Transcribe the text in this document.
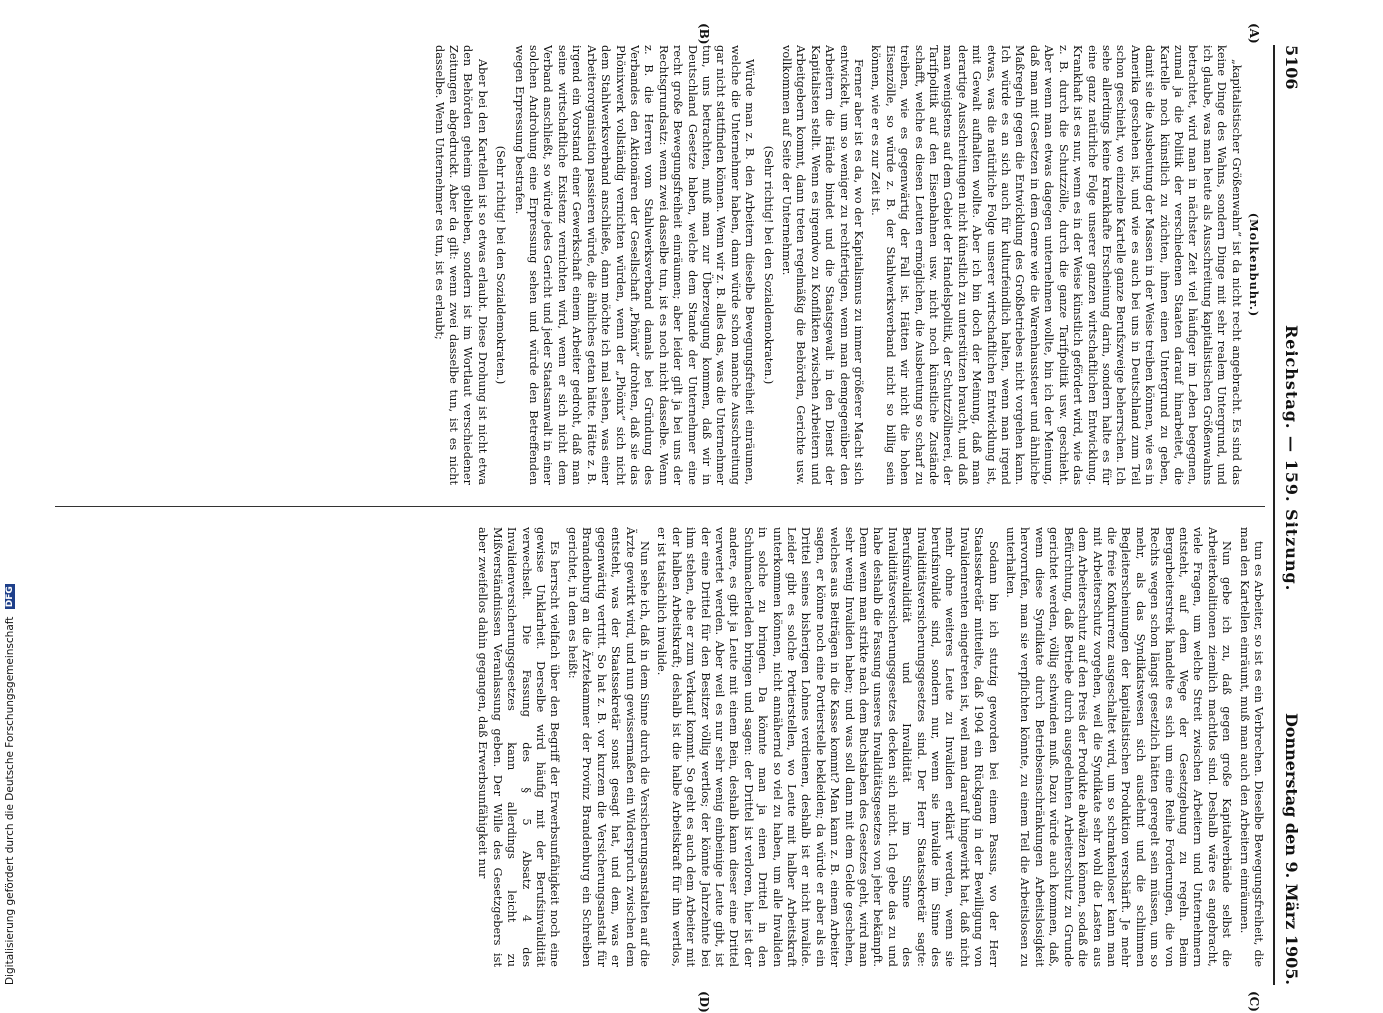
5106
Reichstag. — 159. Sitzung.
Donnerstag den 9. März 1905.
(A)
(B)
(C)
(D)

(Molkenbuhr.)

„kapitalistischer Größenwahn“ ist da nicht recht angebracht. Es sind das keine Dinge des Wahns, sondern Dinge mit sehr realem Untergrund, und ich glaube, was man heute als Ausschreitung kapitalistischen Größenwahns betrachtet, wird man in nächster Zeit viel häufiger im Leben begegnen, zumal ja die Politik der verschiedenen Staaten darauf hinarbeitet, die Kartelle noch künstlich zu züchten, ihnen einen Untergrund zu geben, damit sie die Ausbeutung der Massen in der Weise treiben können, wie es in Amerika geschehen ist, und wie es auch bei uns in Deutschland zum Teil schon geschieht, wo einzelne Kartelle ganze Berufszweige beherrschen. Ich sehe allerdings keine krankhafte Erscheinung darin, sondern halte es für eine ganz natürliche Folge unserer ganzen wirtschaftlichen Entwicklung. Krankhaft ist es nur, wenn es in der Weise künstlich gefördert wird, wie das z. B. durch die Schutzzölle, durch die ganze Tarifpolitik usw. geschieht. Aber wenn man etwas dagegen unternehmen wollte, bin ich der Meinung, daß man mit Gesetzen in dem Genre wie die Warenhaussteuer und ähnliche Maßregeln gegen die Entwicklung des Großbetriebes nicht vorgehen kann. Ich würde es an sich auch für kulturfeindlich halten, wenn man irgend etwas, was die natürliche Folge unserer wirtschaftlichen Entwicklung ist, mit Gewalt aufhalten wollte. Aber ich bin doch der Meinung, daß man derartige Ausschreitungen nicht künstlich zu unterstützen braucht, und daß man wenigstens auf dem Gebiet der Handelspolitik, der Schutzzöllnerei, der Tarifpolitik auf den Eisenbahnen usw. nicht noch künstliche Zustände schafft, welche es diesen Leuten ermöglichen, die Ausbeutung so scharf zu treiben, wie es gegenwärtig der Fall ist. Hätten wir nicht die hohen Eisenzölle, so würde z. B. der Stahlwerksverband nicht so billig sein können, wie er es zur Zeit ist.

Ferner aber ist es da, wo der Kapitalismus zu immer größerer Macht sich entwickelt, um so weniger zu rechtfertigen, wenn man demgegenüber den Arbeitern die Hände bindet und die Staatsgewalt in den Dienst der Kapitalisten stellt. Wenn es irgendwo zu Konflikten zwischen Arbeitern und Arbeitgebern kommt, dann treten regelmäßig die Behörden, Gerichte usw. vollkommen auf Seite der Unternehmer.

(Sehr richtig! bei den Sozialdemokraten.)

Würde man z. B. den Arbeitern dieselbe Bewegungsfreiheit einräumen, welche die Unternehmer haben, dann würde schon manche Ausschreitung gar nicht stattfinden können. Wenn wir z. B. alles das, was die Unternehmer tun, uns betrachten, muß man zur Überzeugung kommen, daß wir in Deutschland Gesetze haben, welche dem Stande der Unternehmer eine recht große Bewegungsfreiheit einräumen; aber leider gilt ja bei uns der Rechtsgrundsatz: wenn zwei dasselbe tun, ist es noch nicht dasselbe. Wenn z. B. die Herren vom Stahlwerksverband damals bei Gründung des Verbandes den Aktionären der Gesellschaft „Phönix“ drohten, daß sie das Phönixwerk vollständig vernichten würden, wenn der „Phönix“ sich nicht dem Stahlwerksverband anschließe, dann möchte ich mal sehen, was einer Arbeiterorganisation passieren würde, die ähnliches getan hätte. Hätte z. B. irgend ein Vorstand einer Gewerkschaft einem Arbeiter gedroht, daß man seine wirtschaftliche Existenz vernichten wird, wenn er sich nicht dem Verband anschließt, so würde jedes Gericht und jeder Staatsanwalt in einer solchen Androhung eine Erpressung sehen und würde den Betreffenden wegen Erpressung bestrafen.

(Sehr richtig! bei den Sozialdemokraten.)

Aber bei den Kartellen ist so etwas erlaubt. Diese Drohung ist nicht etwa den Behörden geheim geblieben, sondern ist im Wortlaut verschiedener Zeitungen abgedruckt. Aber da gilt: wenn zwei dasselbe tun, ist es nicht dasselbe. Wenn Unternehmer es tun, ist es erlaubt;

tun es Arbeiter, so ist es ein Verbrechen. Dieselbe Bewegungsfreiheit, die man den Kartellen einräumt, muß man auch den Arbeitern einräumen.

Nun gebe ich zu, daß gegen große Kapitalverbände selbst die Arbeiterkoalitionen ziemlich machtlos sind. Deshalb wäre es angebracht, viele Fragen, um welche Streit zwischen Arbeitern und Unternehmern entsteht, auf dem Wege der Gesetzgebung zu regeln. Beim Bergarbeiterstreik handelte es sich um eine Reihe Forderungen, die von Rechts wegen schon längst gesetzlich hätten geregelt sein müssen, um so mehr, als das Syndikatswesen sich ausdehnt und die schlimmen Begleiterscheinungen der kapitalistischen Produktion verschärft. Je mehr die freie Konkurrenz ausgeschaltet wird, um so schrankenloser kann man mit Arbeiterschutz vorgehen, weil die Syndikate sehr wohl die Lasten aus dem Arbeiterschutz auf den Preis der Produkte abwälzen können, sodaß die Befürchtung, daß Betriebe durch ausgedehnten Arbeiterschutz zu Grunde gerichtet werden, völlig schwinden muß. Dazu würde auch kommen, daß, wenn diese Syndikate durch Betriebseinschränkungen Arbeitslosigkeit hervorrufen, man sie verpflichten könnte, zu einem Teil die Arbeitslosen zu unterhalten.

Sodann bin ich stutzig geworden bei einem Passus, wo der Herr Staatssekretär mitteilte, daß 1904 ein Rückgang in der Bewilligung von Invalidenrenten eingetreten ist, weil man darauf hingewirkt hat, daß nicht mehr ohne weiteres Leute zu Invaliden erklärt werden, wenn sie berufsinvalide sind, sondern nur, wenn sie invalide im Sinne des Invaliditätsversicherungsgesetzes sind. Der Herr Staatssekretär sagte: Berufsinvalidität und Invalidität im Sinne des Invaliditätsversicherungsgesetzes decken sich nicht. Ich gebe das zu und habe deshalb die Fassung unseres Invaliditätsgesetzes von jeher bekämpft. Denn wenn man strikte nach dem Buchstaben des Gesetzes geht, wird man sehr wenig Invaliden haben; und was soll dann mit dem Gelde geschehen, welches aus Beiträgen in die Kasse kommt? Man kann z. B. einem Arbeiter sagen, er könne noch eine Portierstelle bekleiden; da würde er aber als ein Drittel seines bisherigen Lohnes verdienen, deshalb ist er nicht invalide. Leider gibt es solche Portierstellen, wo Leute mit halber Arbeitskraft unterkommen können, nicht annähernd so viel zu haben, um alle Invaliden in solche zu bringen. Da könnte man ja einen Drittel in den Schuhmacherladen bringen und sagen: der Drittel ist verloren, hier ist der andere, es gibt ja Leute mit einem Bein, deshalb kann dieser eine Drittel verwertet werden. Aber weil es nur sehr wenig einbeinige Leute gibt, ist der eine Drittel für den Besitzer völlig wertlos; der könnte Jahrzehnte bei ihm stehen, ehe er zum Verkauf kommt. So geht es auch dem Arbeiter mit der halben Arbeitskraft; deshalb ist die halbe Arbeitskraft für ihn wertlos, er ist tatsächlich invalide.

Nun sehe ich, daß in dem Sinne durch die Versicherungsanstalten auf die Ärzte gewirkt wird, und nun gewissermaßen ein Widerspruch zwischen dem entsteht, was der Staatssekretär sonst gesagt hat, und dem, was er gegenwärtig vertritt. So hat z. B. vor kurzem die Versicherungsanstalt für Brandenburg an die Ärztekammer der Provinz Brandenburg ein Schreiben gerichtet, in dem es heißt:

Es herrscht vielfach über den Begriff der Erwerbsunfähigkeit noch eine gewisse Unklarheit. Derselbe wird häufig mit der Berufsinvalidität verwechselt. Die Fassung des § 5 Absatz 4 des Invalidenversicherungsgesetzes kann allerdings leicht zu Mißverständnissen Veranlassung geben. Der Wille des Gesetzgebers ist aber zweifellos dahin gegangen, daß Erwerbsunfähigkeit nur

Digitalisierung gefördert durch die Deutsche Forschungsgemeinschaft DFG
